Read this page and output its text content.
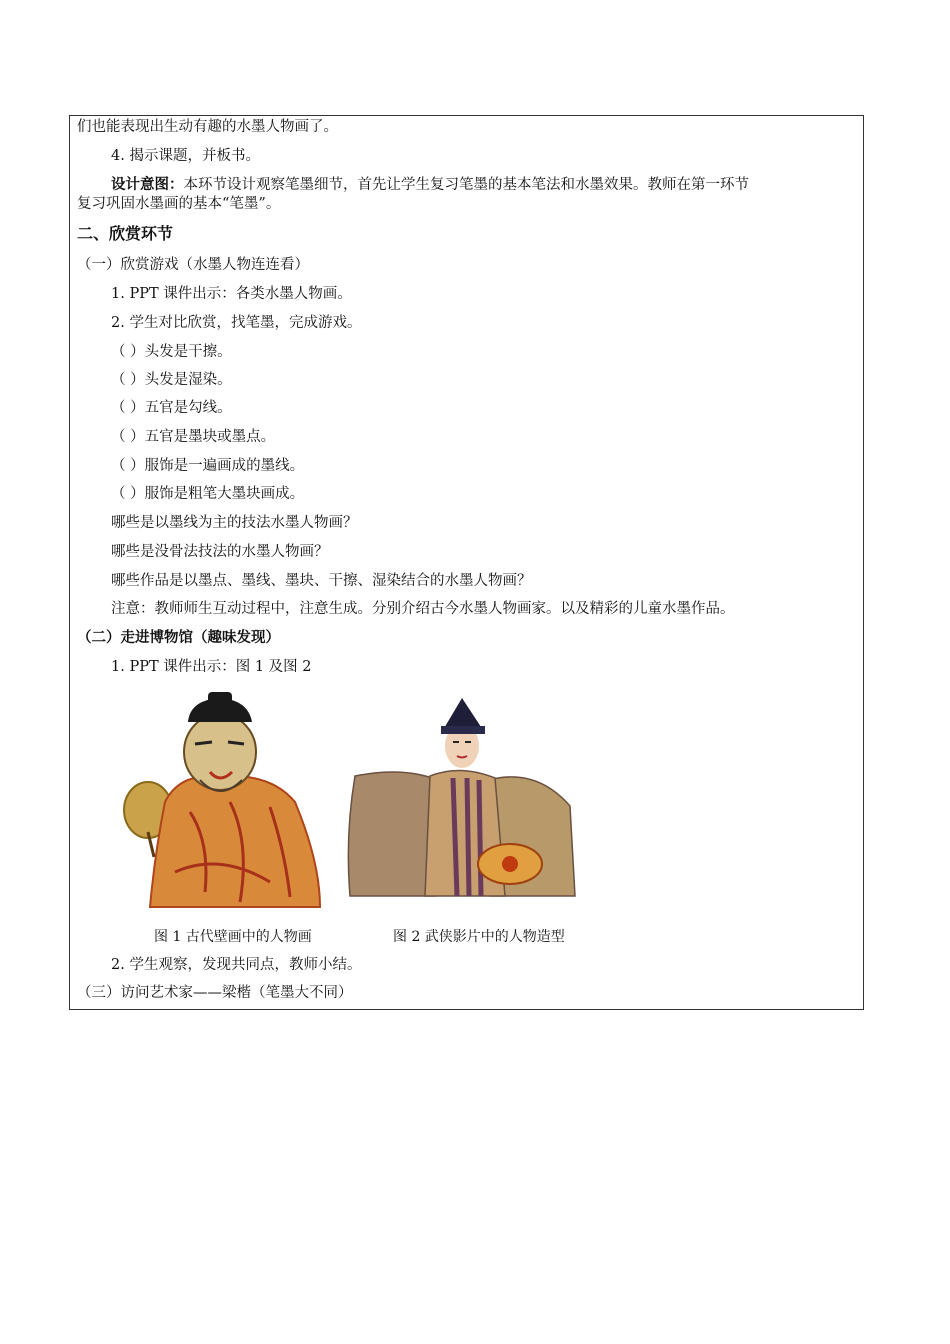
们也能表现出生动有趣的水墨人物画了。
4. 揭示课题，并板书。
设计意图：本环节设计观察笔墨细节，首先让学生复习笔墨的基本笔法和水墨效果。教师在第一环节
复习巩固水墨画的基本“笔墨”。
二、欣赏环节
（一）欣赏游戏（水墨人物连连看）
1. PPT 课件出示：各类水墨人物画。
2. 学生对比欣赏，找笔墨，完成游戏。
（ ）头发是干擦。
（ ）头发是湿染。
（ ）五官是勾线。
（ ）五官是墨块或墨点。
（ ）服饰是一遍画成的墨线。
（ ）服饰是粗笔大墨块画成。
哪些是以墨线为主的技法水墨人物画？
哪些是没骨法技法的水墨人物画？
哪些作品是以墨点、墨线、墨块、干擦、湿染结合的水墨人物画？
注意：教师师生互动过程中，注意生成。分别介绍古今水墨人物画家。以及精彩的儿童水墨作品。
（二）走进博物馆（趣味发现）
1. PPT 课件出示：图 1 及图 2
图 1 古代壁画中的人物画	图 2 武侠影片中的人物造型
2. 学生观察，发现共同点，教师小结。
（三）访问艺术家——梁楷（笔墨大不同）
